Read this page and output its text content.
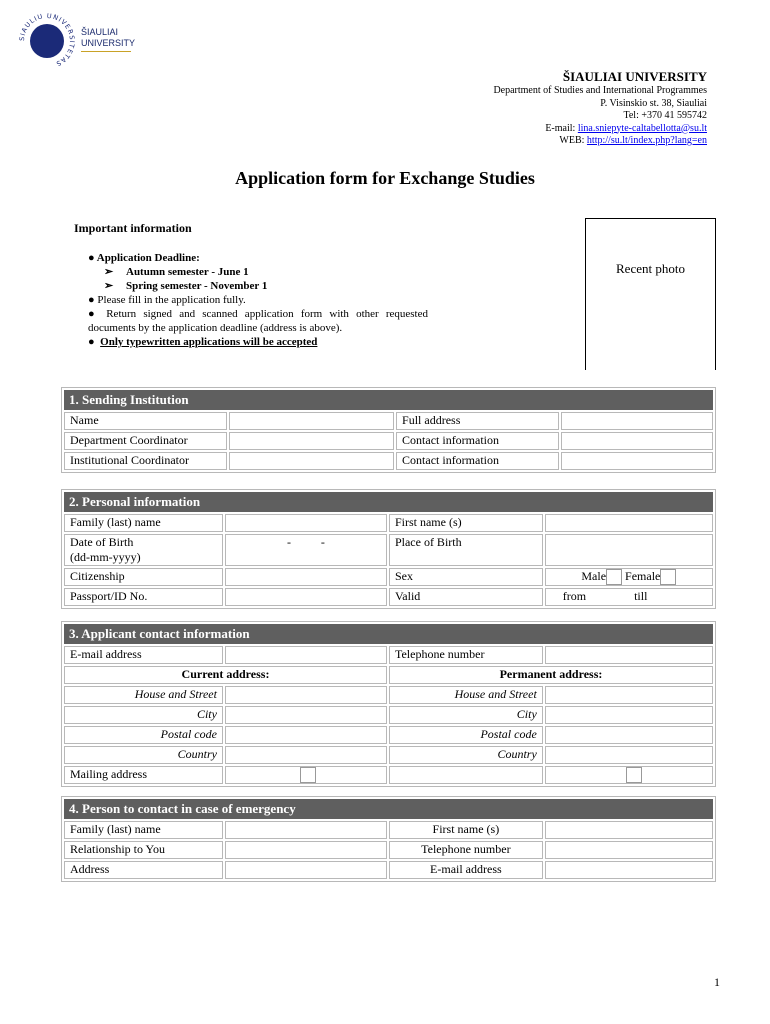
SIAULIU UNIVERSITETAS
ŠIAULIAI
UNIVERSITY
ŠIAULIAI UNIVERSITY
Department of Studies and International Programmes
P. Visinskio st. 38, Siauliai
Tel: +370 41 595742
E-mail: lina.sniepyte-caltabellotta@su.lt
WEB: http://su.lt/index.php?lang=en
Application form for Exchange Studies
Important information
● Application Deadline:
➢ Autumn semester - June 1
➢ Spring semester - November 1
● Please fill in the application fully.
● Return signed and scanned application form with other requested documents by the application deadline (address is above).
● Only typewritten applications will be accepted
Recent photo
1. Sending Institution			
Name		Full address	
Department Coordinator		Contact information	
Institutional Coordinator		Contact information	
2. Personal information			
Family (last) name		First name (s)	

Date of Birth
(dd-mm-yyyy)	-          -	Place of Birth	
Citizenship		Sex	Male Female
Passport/ID No.		Valid	from till
3. Applicant contact information			
E-mail address		Telephone number	
Current address:		Permanent address:	
House and Street		House and Street	
City		City	
Postal code		Postal code	
Country		Country	
Mailing address			
4. Person to contact in case of emergency			
Family (last) name		First name (s)	
Relationship to You		Telephone number	
Address		E-mail address	
1
